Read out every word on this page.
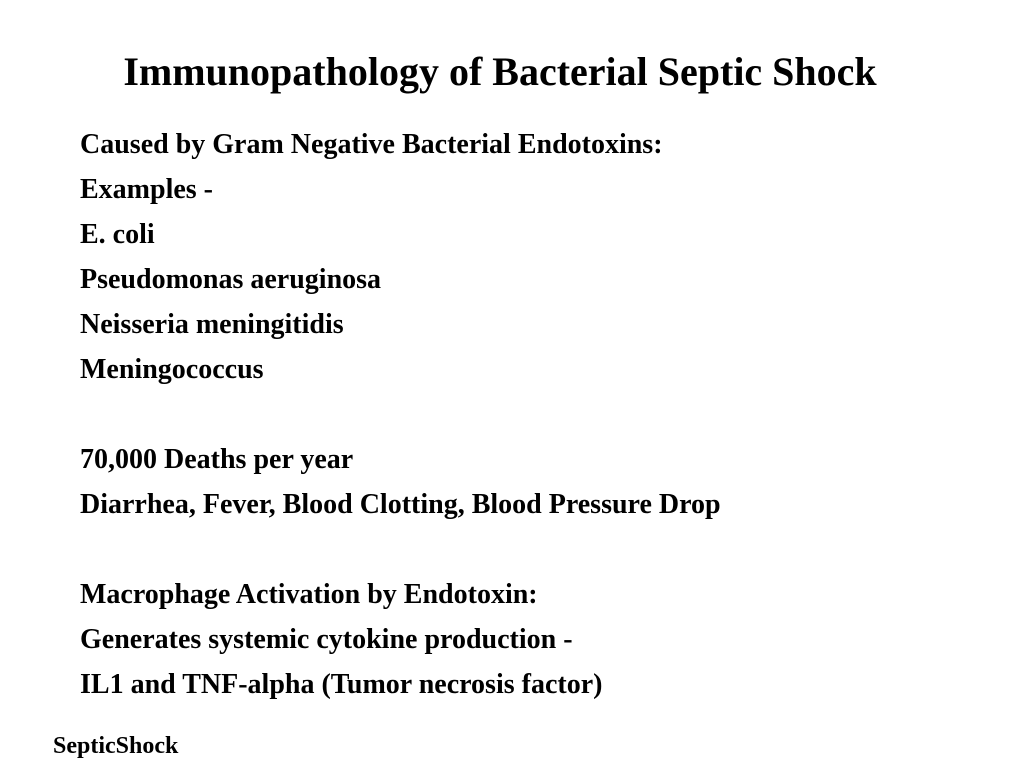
Immunopathology of Bacterial Septic Shock
Caused by Gram Negative Bacterial Endotoxins:
Examples -
E. coli
Pseudomonas aeruginosa
Neisseria meningitidis
Meningococcus
70,000 Deaths per year
Diarrhea, Fever, Blood Clotting, Blood Pressure Drop
Macrophage Activation by Endotoxin:
Generates systemic cytokine production -
IL1 and TNF-alpha (Tumor necrosis factor)
SepticShock
